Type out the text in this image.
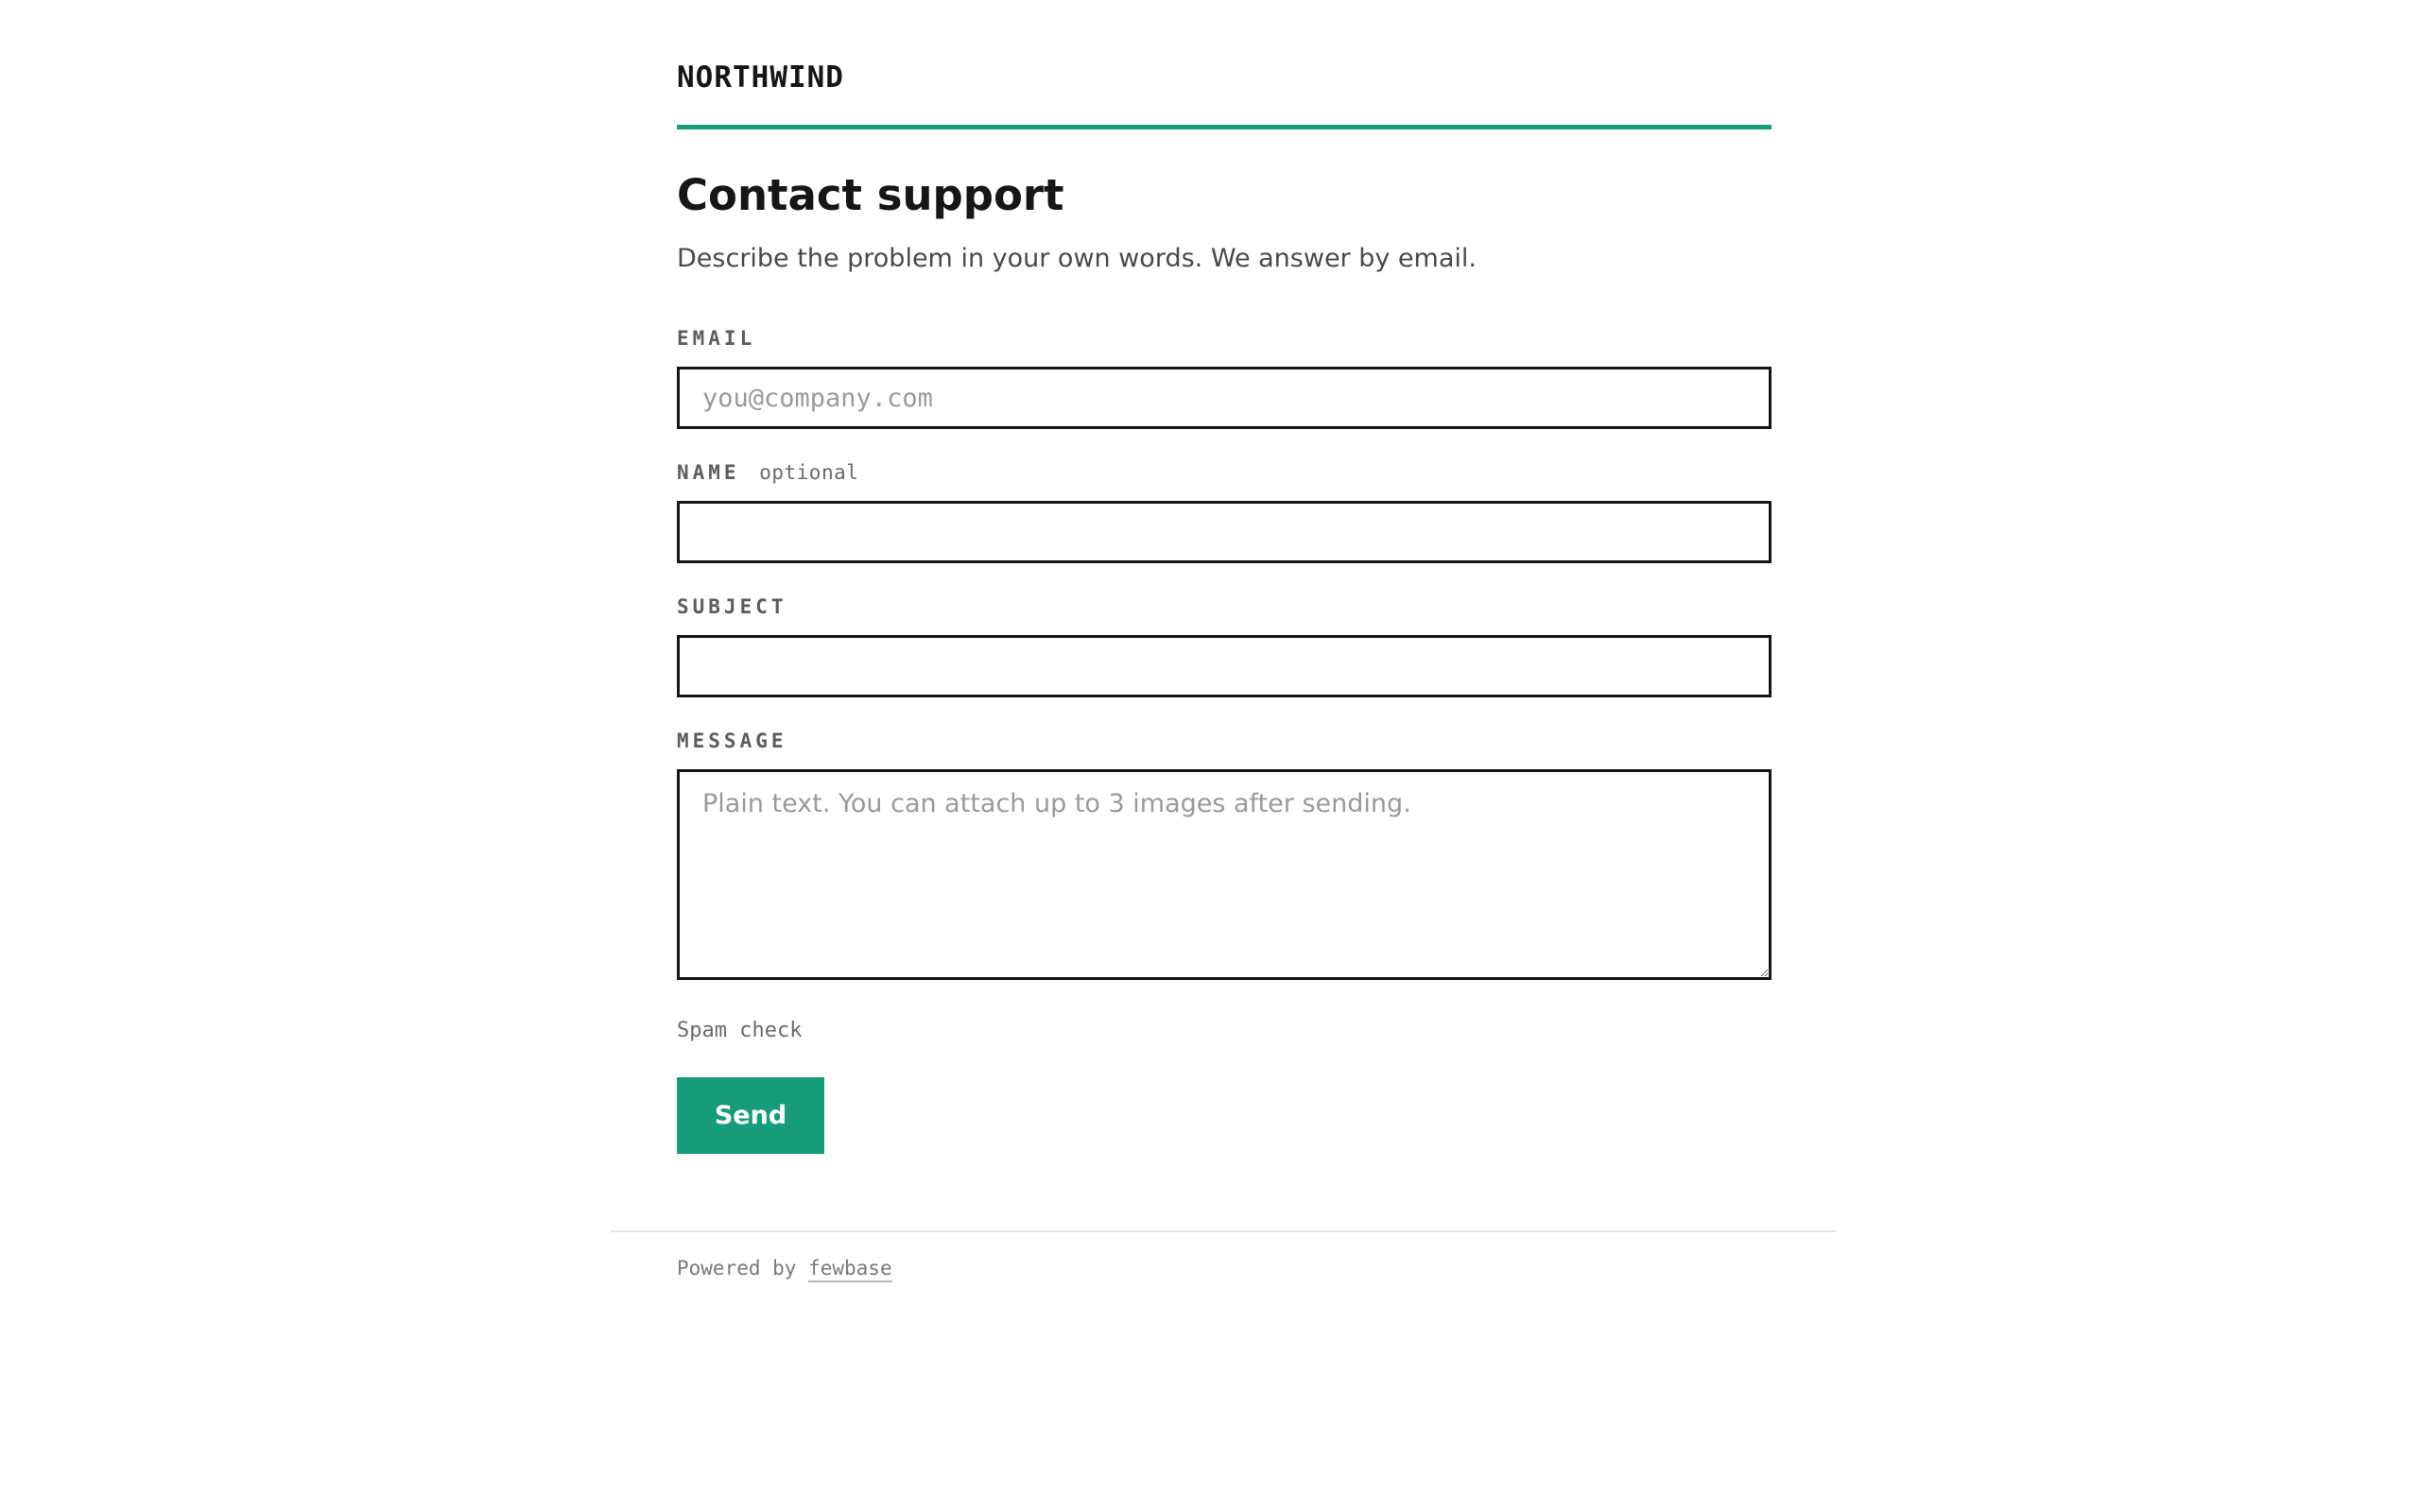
NORTHWIND
Contact support

Describe the problem in your own words. We answer by email.

EMAIL
you@company.com
NAME optional
SUBJECT
MESSAGE
Plain text. You can attach up to 3 images after sending.
Spam check
Send
Powered by fewbase
